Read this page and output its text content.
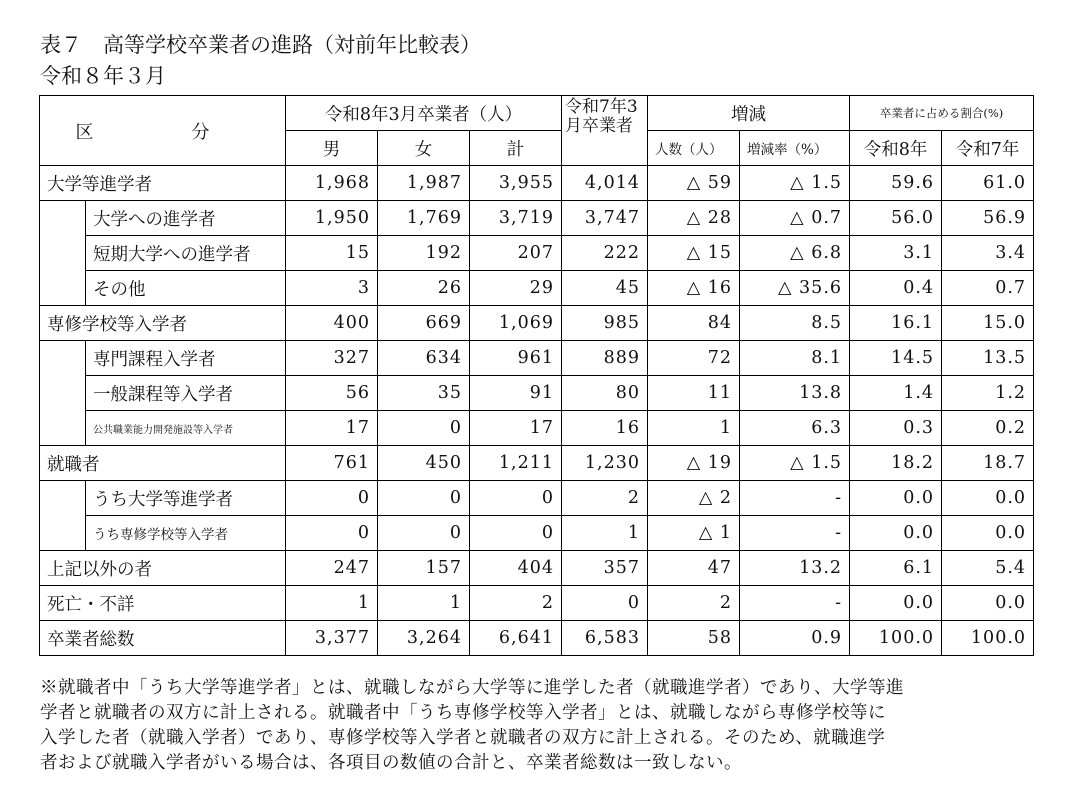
表７　高等学校卒業者の進路（対前年比較表）
令和８年３月
区　分		令和8年3月卒業者（人）			令和7年3月卒業者	増減		卒業者に占める割合(%)	
		男	女	計		人数（人）	増減率（%）	令和8年	令和7年
大学等進学者		1,968	1,987	3,955	4,014	△ 59	△ 1.5	59.6	61.0
	大学への進学者	1,950	1,769	3,719	3,747	△ 28	△ 0.7	56.0	56.9
	短期大学への進学者	15	192	207	222	△ 15	△ 6.8	3.1	3.4
	その他	3	26	29	45	△ 16	△ 35.6	0.4	0.7
専修学校等入学者		400	669	1,069	985	84	8.5	16.1	15.0
	専門課程入学者	327	634	961	889	72	8.1	14.5	13.5
	一般課程等入学者	56	35	91	80	11	13.8	1.4	1.2
	公共職業能力開発施設等入学者	17	0	17	16	1	6.3	0.3	0.2
就職者		761	450	1,211	1,230	△ 19	△ 1.5	18.2	18.7
	うち大学等進学者	0	0	0	2	△ 2	-	0.0	0.0
	うち専修学校等入学者	0	0	0	1	△ 1	-	0.0	0.0
上記以外の者		247	157	404	357	47	13.2	6.1	5.4
死亡・不詳		1	1	2	0	2	-	0.0	0.0
卒業者総数		3,377	3,264	6,641	6,583	58	0.9	100.0	100.0

※就職者中「うち大学等進学者」とは、就職しながら大学等に進学した者（就職進学者）であり、大学等進

学者と就職者の双方に計上される。就職者中「うち専修学校等入学者」とは、就職しながら専修学校等に

入学した者（就職入学者）であり、専修学校等入学者と就職者の双方に計上される。そのため、就職進学

者および就職入学者がいる場合は、各項目の数値の合計と、卒業者総数は一致しない。
